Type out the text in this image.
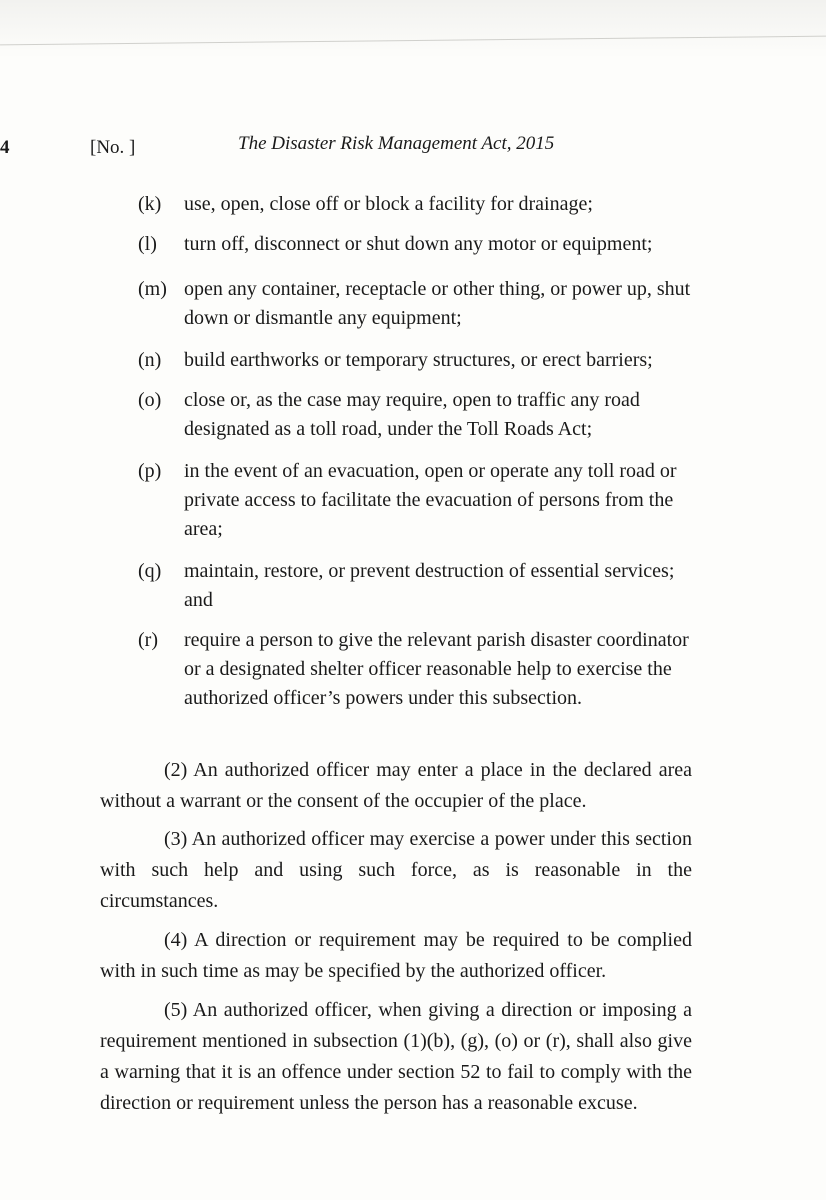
4	[No. ]	The Disaster Risk Management Act, 2015
(k) use, open, close off or block a facility for drainage;
(l) turn off, disconnect or shut down any motor or equipment;
(m) open any container, receptacle or other thing, or power up, shut down or dismantle any equipment;
(n) build earthworks or temporary structures, or erect barriers;
(o) close or, as the case may require, open to traffic any road designated as a toll road, under the Toll Roads Act;
(p) in the event of an evacuation, open or operate any toll road or private access to facilitate the evacuation of persons from the area;
(q) maintain, restore, or prevent destruction of essential services; and
(r) require a person to give the relevant parish disaster coordinator or a designated shelter officer reasonable help to exercise the authorized officer’s powers under this subsection.
(2) An authorized officer may enter a place in the declared area without a warrant or the consent of the occupier of the place.
(3) An authorized officer may exercise a power under this section with such help and using such force, as is reasonable in the circumstances.
(4) A direction or requirement may be required to be complied with in such time as may be specified by the authorized officer.
(5) An authorized officer, when giving a direction or imposing a requirement mentioned in subsection (1)(b), (g), (o) or (r), shall also give a warning that it is an offence under section 52 to fail to comply with the direction or requirement unless the person has a reasonable excuse.
